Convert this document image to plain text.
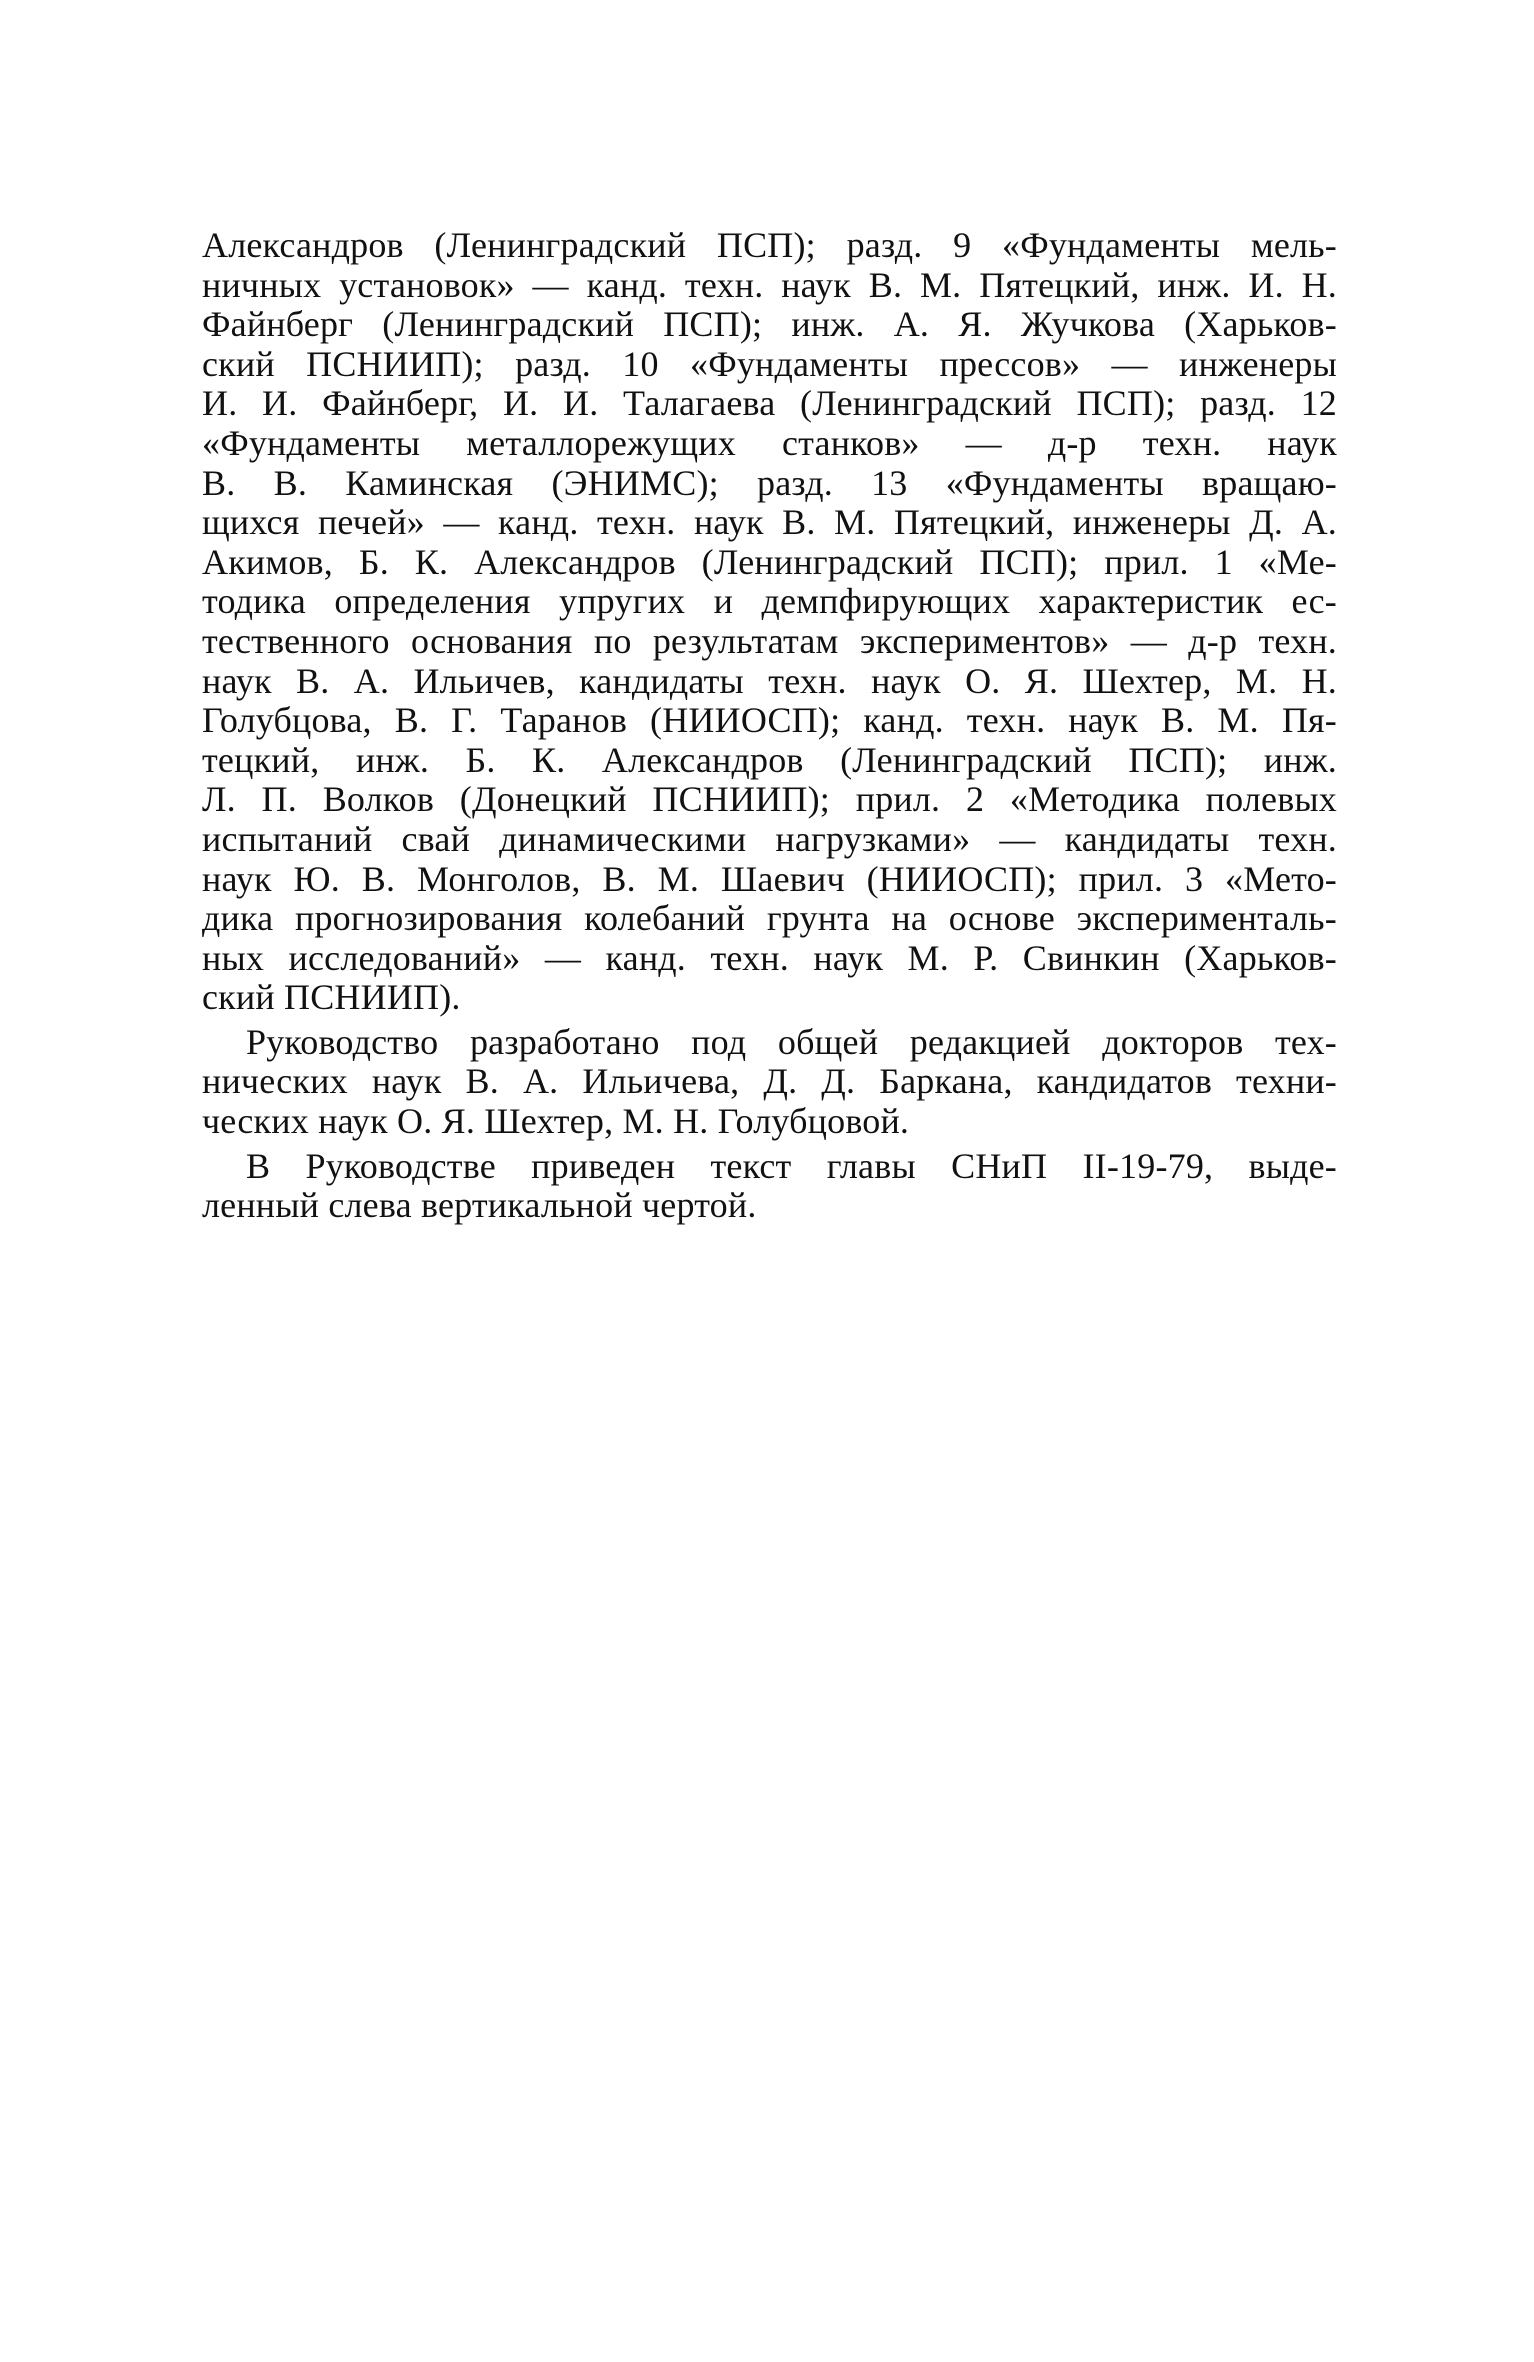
Александров (Ленинградский ПСП); разд. 9 «Фундаменты мель-
ничных установок» — канд. техн. наук В. М. Пятецкий, инж. И. Н.
Файнберг (Ленинградский ПСП); инж. А. Я. Жучкова (Харьков-
ский ПСНИИП); разд. 10 «Фундаменты прессов» — инженеры
И. И. Файнберг, И. И. Талагаева (Ленинградский ПСП); разд. 12
«Фундаменты металлорежущих станков» — д-р техн. наук
В. В. Каминская (ЭНИМС); разд. 13 «Фундаменты вращаю-
щихся печей» — канд. техн. наук В. М. Пятецкий, инженеры Д. А.
Акимов, Б. К. Александров (Ленинградский ПСП); прил. 1 «Ме-
тодика определения упругих и демпфирующих характеристик ес-
тественного основания по результатам экспериментов» — д-р техн.
наук В. А. Ильичев, кандидаты техн. наук О. Я. Шехтер, М. Н.
Голубцова, В. Г. Таранов (НИИОСП); канд. техн. наук В. М. Пя-
тецкий, инж. Б. К. Александров (Ленинградский ПСП); инж.
Л. П. Волков (Донецкий ПСНИИП); прил. 2 «Методика полевых
испытаний свай динамическими нагрузками» — кандидаты техн.
наук Ю. В. Монголов, В. М. Шаевич (НИИОСП); прил. 3 «Мето-
дика прогнозирования колебаний грунта на основе эксперименталь-
ных исследований» — канд. техн. наук М. Р. Свинкин (Харьков-
ский ПСНИИП).
Руководство разработано под общей редакцией докторов тех-
нических наук В. А. Ильичева, Д. Д. Баркана, кандидатов техни-
ческих наук О. Я. Шехтер, М. Н. Голубцовой.
В Руководстве приведен текст главы СНиП II-19-79, выде-
ленный слева вертикальной чертой.
